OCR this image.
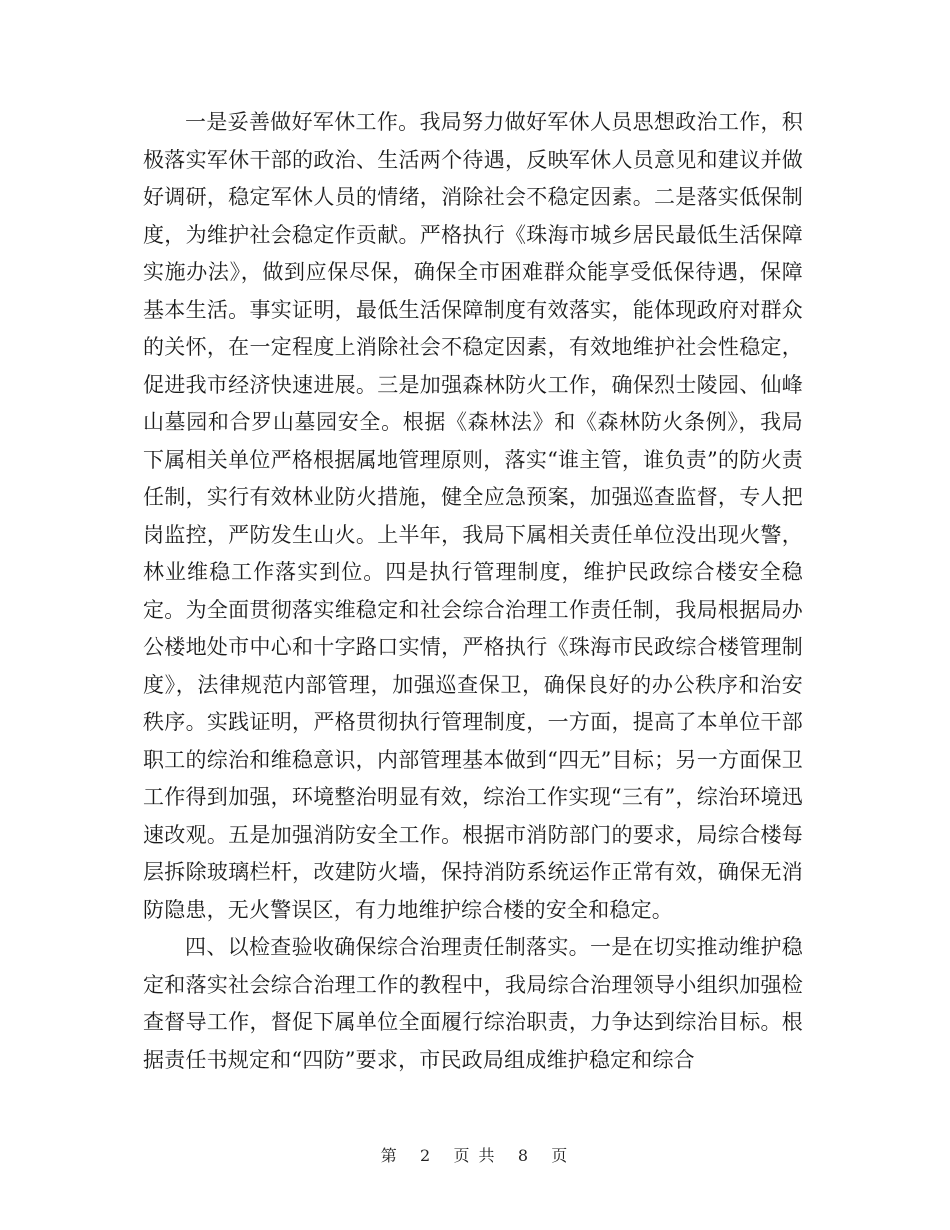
一是妥善做好军休工作。我局努力做好军休人员思想政治工作，积极落实军休干部的政治、生活两个待遇，反映军休人员意见和建议并做好调研，稳定军休人员的情绪，消除社会不稳定因素。二是落实低保制度，为维护社会稳定作贡献。严格执行《珠海市城乡居民最低生活保障实施办法》，做到应保尽保，确保全市困难群众能享受低保待遇，保障基本生活。事实证明，最低生活保障制度有效落实，能体现政府对群众的关怀，在一定程度上消除社会不稳定因素，有效地维护社会性稳定，促进我市经济快速进展。三是加强森林防火工作，确保烈士陵园、仙峰山墓园和合罗山墓园安全。根据《森林法》和《森林防火条例》，我局下属相关单位严格根据属地管理原则，落实“谁主管，谁负责”的防火责任制，实行有效林业防火措施，健全应急预案，加强巡查监督，专人把岗监控，严防发生山火。上半年，我局下属相关责任单位没出现火警，林业维稳工作落实到位。四是执行管理制度，维护民政综合楼安全稳定。为全面贯彻落实维稳定和社会综合治理工作责任制，我局根据局办公楼地处市中心和十字路口实情，严格执行《珠海市民政综合楼管理制度》，法律规范内部管理，加强巡查保卫，确保良好的办公秩序和治安秩序。实践证明，严格贯彻执行管理制度，一方面，提高了本单位干部职工的综治和维稳意识，内部管理基本做到“四无”目标；另一方面保卫工作得到加强，环境整治明显有效，综治工作实现“三有”，综治环境迅速改观。五是加强消防安全工作。根据市消防部门的要求，局综合楼每层拆除玻璃栏杆，改建防火墙，保持消防系统运作正常有效，确保无消防隐患，无火警误区，有力地维护综合楼的安全和稳定。

四、以检查验收确保综合治理责任制落实。一是在切实推动维护稳定和落实社会综合治理工作的教程中，我局综合治理领导小组织加强检查督导工作，督促下属单位全面履行综治职责，力争达到综治目标。根据责任书规定和“四防”要求，市民政局组成维护稳定和综合

第 2 页 共 8 页
